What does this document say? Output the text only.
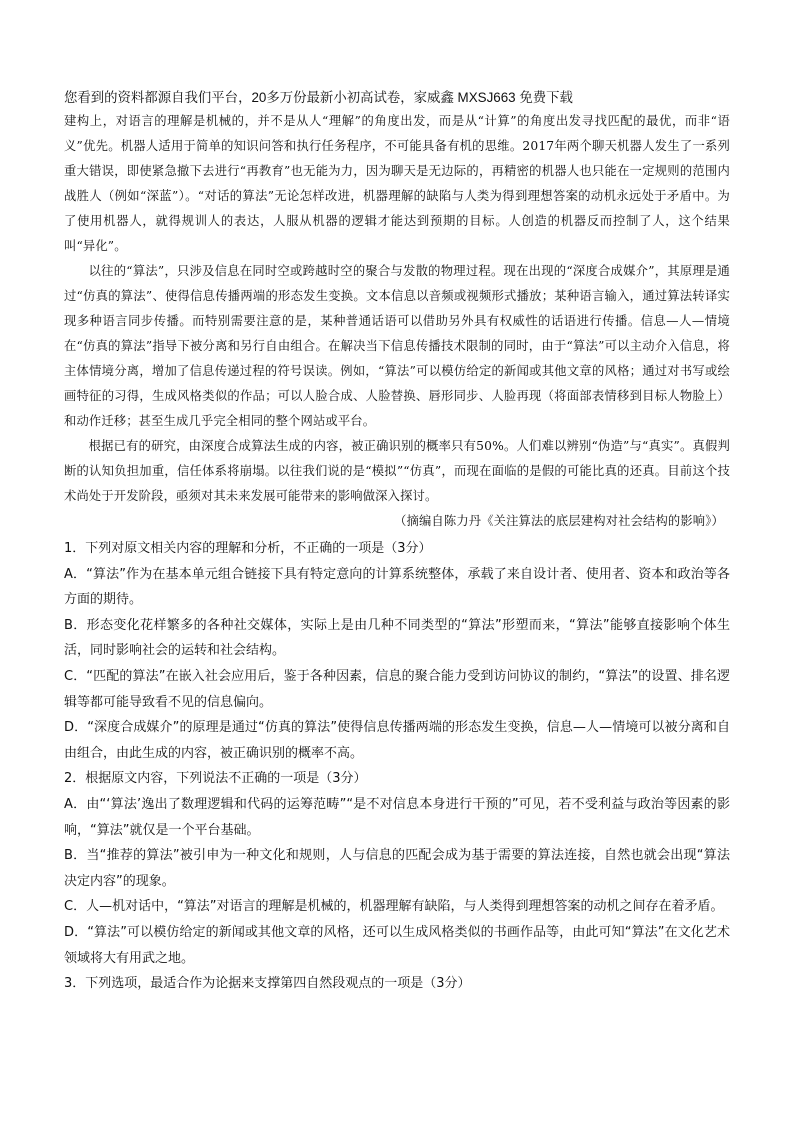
您看到的资料都源自我们平台，20多万份最新小初高试卷，家威鑫 MXSJ663 免费下载

建构上，对语言的理解是机械的，并不是从人“理解”的角度出发，而是从“计算”的角度出发寻找匹配的最优，而非“语义”优先。机器人适用于简单的知识问答和执行任务程序，不可能具备有机的思维。2017年两个聊天机器人发生了一系列重大错误，即使紧急撤下去进行“再教育”也无能为力，因为聊天是无边际的，再精密的机器人也只能在一定规则的范围内战胜人（例如“深蓝”）。“对话的算法”无论怎样改进，机器理解的缺陷与人类为得到理想答案的动机永远处于矛盾中。为了使用机器人，就得规训人的表达，人服从机器的逻辑才能达到预期的目标。人创造的机器反而控制了人，这个结果叫“异化”。

以往的“算法”，只涉及信息在同时空或跨越时空的聚合与发散的物理过程。现在出现的“深度合成媒介”，其原理是通过“仿真的算法”、使得信息传播两端的形态发生变换。文本信息以音频或视频形式播放；某种语言输入，通过算法转译实现多种语言同步传播。而特别需要注意的是，某种普通话语可以借助另外具有权威性的话语进行传播。信息—人—情境在“仿真的算法”指导下被分离和另行自由组合。在解决当下信息传播技术限制的同时，由于“算法”可以主动介入信息，将主体情境分离，增加了信息传递过程的符号误读。例如，“算法”可以模仿给定的新闻或其他文章的风格；通过对书写或绘画特征的习得，生成风格类似的作品；可以人脸合成、人脸替换、唇形同步、人脸再现（将面部表情移到目标人物脸上）和动作迁移；甚至生成几乎完全相同的整个网站或平台。

根据已有的研究，由深度合成算法生成的内容，被正确识别的概率只有50%。人们难以辨别“伪造”与“真实”。真假判断的认知负担加重，信任体系将崩塌。以往我们说的是“模拟”“仿真”，而现在面临的是假的可能比真的还真。目前这个技术尚处于开发阶段，亟须对其未来发展可能带来的影响做深入探讨。

（摘编自陈力丹《关注算法的底层建构对社会结构的影响》）

1．下列对原文相关内容的理解和分析，不正确的一项是（3分）

A．“算法”作为在基本单元组合链接下具有特定意向的计算系统整体，承载了来自设计者、使用者、资本和政治等各方面的期待。

B．形态变化花样繁多的各种社交媒体，实际上是由几种不同类型的“算法”形塑而来，“算法”能够直接影响个体生活，同时影响社会的运转和社会结构。

C．“匹配的算法”在嵌入社会应用后，鉴于各种因素，信息的聚合能力受到访问协议的制约，“算法”的设置、排名逻辑等都可能导致看不见的信息偏向。

D．“深度合成媒介”的原理是通过“仿真的算法”使得信息传播两端的形态发生变换，信息—人—情境可以被分离和自由组合，由此生成的内容，被正确识别的概率不高。

2．根据原文内容，下列说法不正确的一项是（3分）

A．由“‘算法’逸出了数理逻辑和代码的运筹范畴”“是不对信息本身进行干预的”可见，若不受利益与政治等因素的影响，“算法”就仅是一个平台基础。

B．当“推荐的算法”被引申为一种文化和规则，人与信息的匹配会成为基于需要的算法连接，自然也就会出现“算法决定内容”的现象。

C．人—机对话中，“算法”对语言的理解是机械的，机器理解有缺陷，与人类得到理想答案的动机之间存在着矛盾。

D．“算法”可以模仿给定的新闻或其他文章的风格，还可以生成风格类似的书画作品等，由此可知“算法”在文化艺术领域将大有用武之地。

3．下列选项，最适合作为论据来支撑第四自然段观点的一项是（3分）
